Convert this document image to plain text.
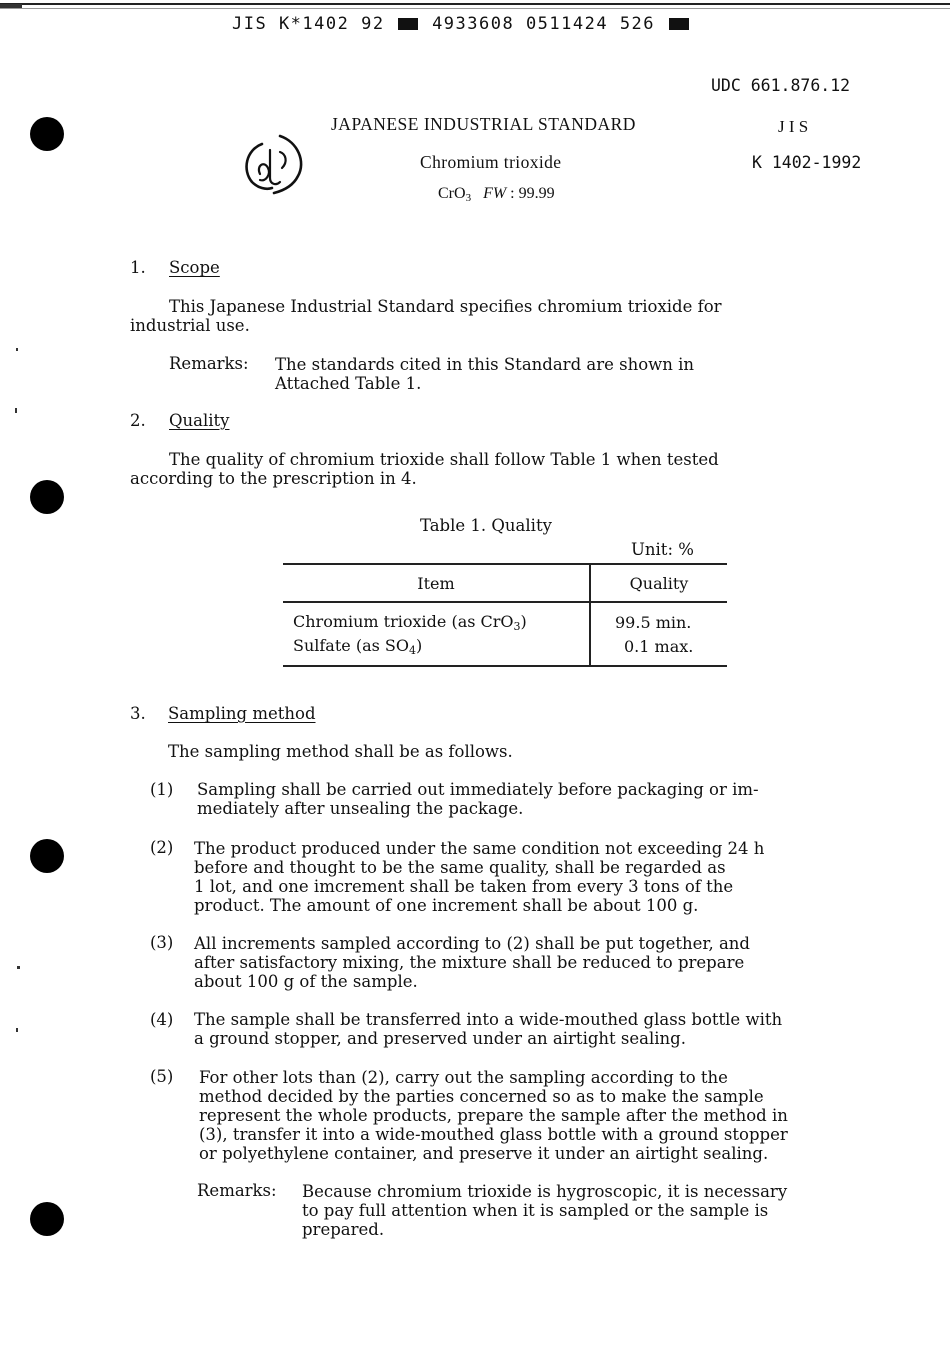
JIS K*1402 92	4933608 0511424 526
UDC 661.876.12
JAPANESE INDUSTRIAL STANDARD	J I S
K 1402-1992
Chromium trioxide
CrO$_3$ FW : 99.99
1. Scope
This Japanese Industrial Standard specifies chromium trioxide for
industrial use.
Remarks: The standards cited in this Standard are shown in
Attached Table 1.
2. Quality
The quality of chromium trioxide shall follow Table 1 when tested
according to the prescription in 4.
Table 1. Quality
Unit: %
Item	Quality
Chromium trioxide (as CrO$_3$)	99.5 min.
Sulfate (as $SO_4$)	0.1 max.
3. Sampling method
The sampling method shall be as follows.
(1) Sampling shall be carried out immediately before packaging or im-
mediately after unsealing the package.
(2) The product produced under the same condition not exceeding 24 h
before and thought to be the same quality, shall be regarded as
1 lot, and one imcrement shall be taken from every 3 tons of the
product. The amount of one increment shall be about 100 g.
(3) All increments sampled according to (2) shall be put together, and
after satisfactory mixing, the mixture shall be reduced to prepare
about 100 g of the sample.
(4) The sample shall be transferred into a wide-mouthed glass bottle with
a ground stopper, and preserved under an airtight sealing.
(5) For other lots than (2), carry out the sampling according to the
method decided by the parties concerned so as to make the sample
represent the whole products, prepare the sample after the method in
(3), transfer it into a wide-mouthed glass bottle with a ground stopper
or polyethylene container, and preserve it under an airtight sealing.
Remarks: Because chromium trioxide is hygroscopic, it is necessary
to pay full attention when it is sampled or the sample is
prepared.
